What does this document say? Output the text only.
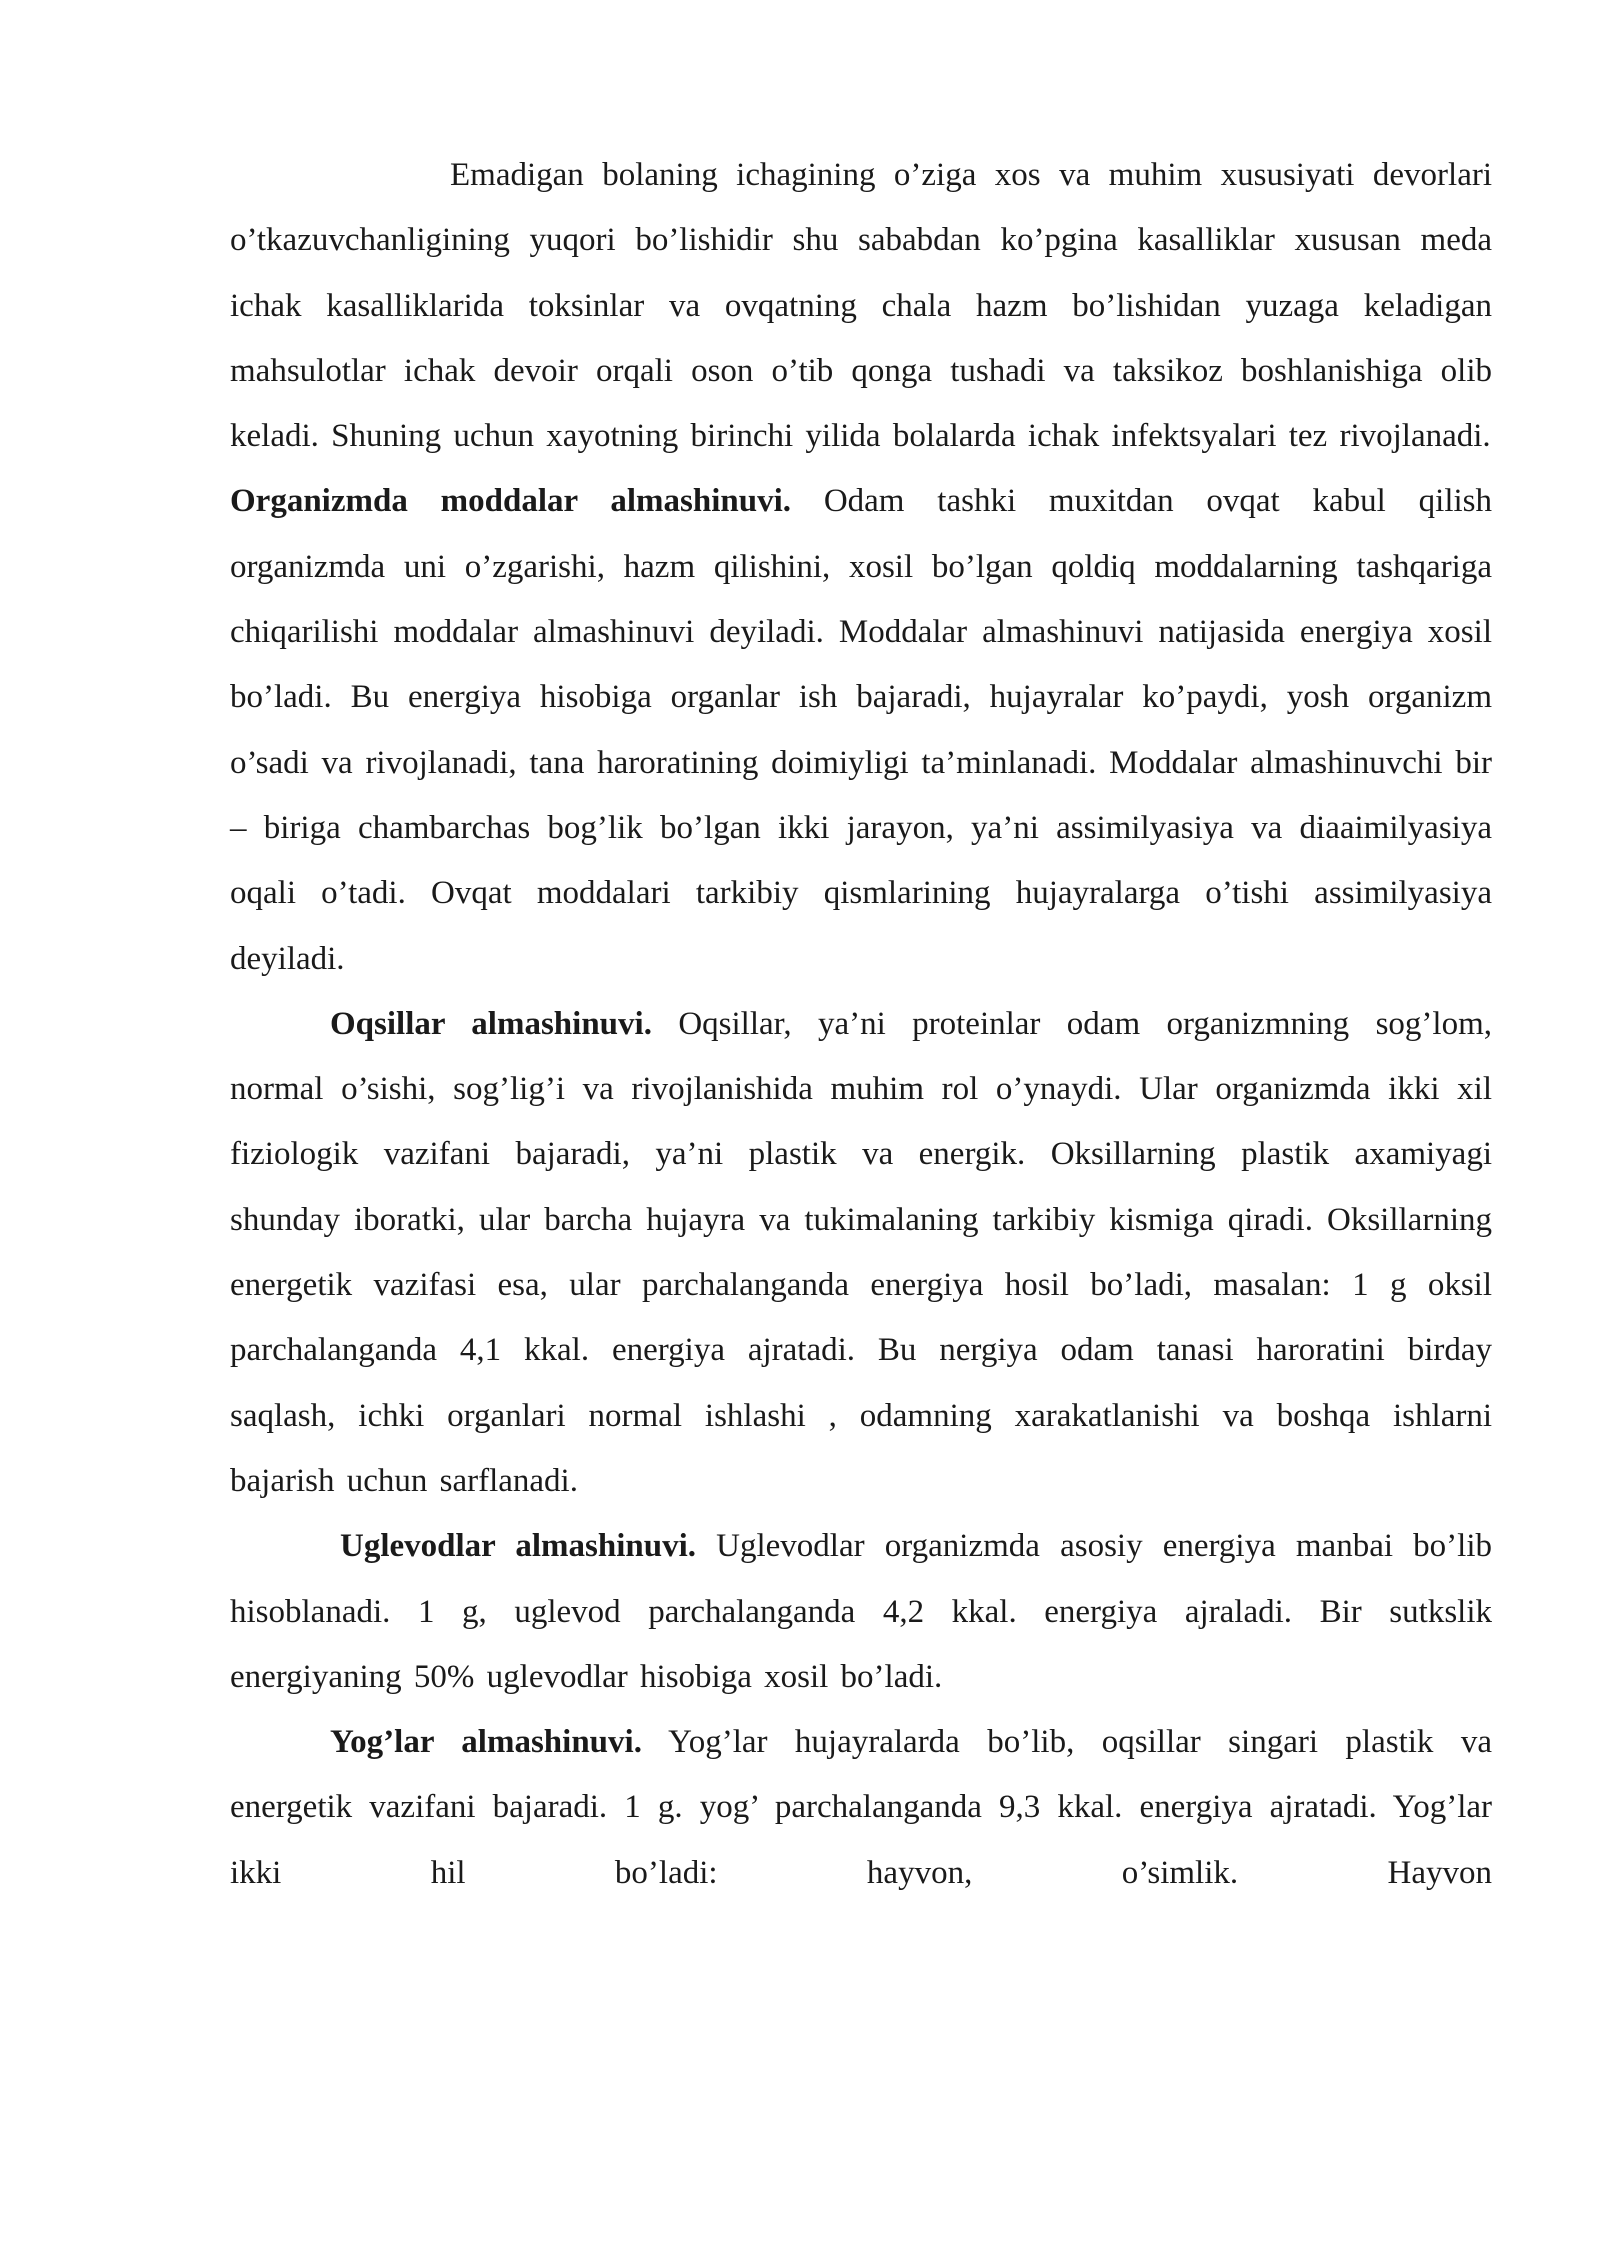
Emadigan bolaning ichagining o’ziga xos va muhim xususiyati devorlari o’tkazuvchanligining yuqori bo’lishidir shu sababdan ko’pgina kasalliklar xususan meda ichak kasalliklarida toksinlar va ovqatning chala hazm bo’lishidan yuzaga keladigan mahsulotlar ichak devoir orqali oson o’tib qonga tushadi va taksikoz boshlanishiga olib keladi. Shuning uchun xayotning birinchi yilida bolalarda ichak infektsyalari tez rivojlanadi.

Organizmda moddalar almashinuvi. Odam tashki muxitdan ovqat kabul qilish organizmda uni o’zgarishi, hazm qilishini, xosil bo’lgan qoldiq moddalarning tashqariga chiqarilishi moddalar almashinuvi deyiladi. Moddalar almashinuvi natijasida energiya xosil bo’ladi. Bu energiya hisobiga organlar ish bajaradi, hujayralar ko’paydi, yosh organizm o’sadi va rivojlanadi, tana haroratining doimiyligi ta’minlanadi. Moddalar almashinuvchi bir – biriga chambarchas bog’lik bo’lgan ikki jarayon, ya’ni assimilyasiya va diaaimilyasiya oqali o’tadi. Ovqat moddalari tarkibiy qismlarining hujayralarga o’tishi assimilyasiya deyiladi.

Oqsillar almashinuvi. Oqsillar, ya’ni proteinlar odam organizmning sog’lom, normal o’sishi, sog’lig’i va rivojlanishida muhim rol o’ynaydi. Ular organizmda ikki xil fiziologik vazifani bajaradi, ya’ni plastik va energik. Oksillarning plastik axamiyagi shunday iboratki, ular barcha hujayra va tukimalaning tarkibiy kismiga qiradi. Oksillarning energetik vazifasi esa, ular parchalanganda energiya hosil bo’ladi, masalan: 1 g oksil parchalanganda 4,1 kkal. energiya ajratadi. Bu nergiya odam tanasi haroratini birday saqlash, ichki organlari normal ishlashi , odamning xarakatlanishi va boshqa ishlarni bajarish uchun sarflanadi.

Uglevodlar almashinuvi. Uglevodlar organizmda asosiy energiya manbai bo’lib hisoblanadi. 1 g, uglevod parchalanganda 4,2 kkal. energiya ajraladi. Bir sutkslik energiyaning 50% uglevodlar hisobiga xosil bo’ladi.

Yog’lar almashinuvi. Yog’lar hujayralarda bo’lib, oqsillar singari plastik va energetik vazifani bajaradi. 1 g. yog’ parchalanganda 9,3 kkal. energiya ajratadi. Yog’lar ikki hil bo’ladi: hayvon, o’simlik. Hayvon
